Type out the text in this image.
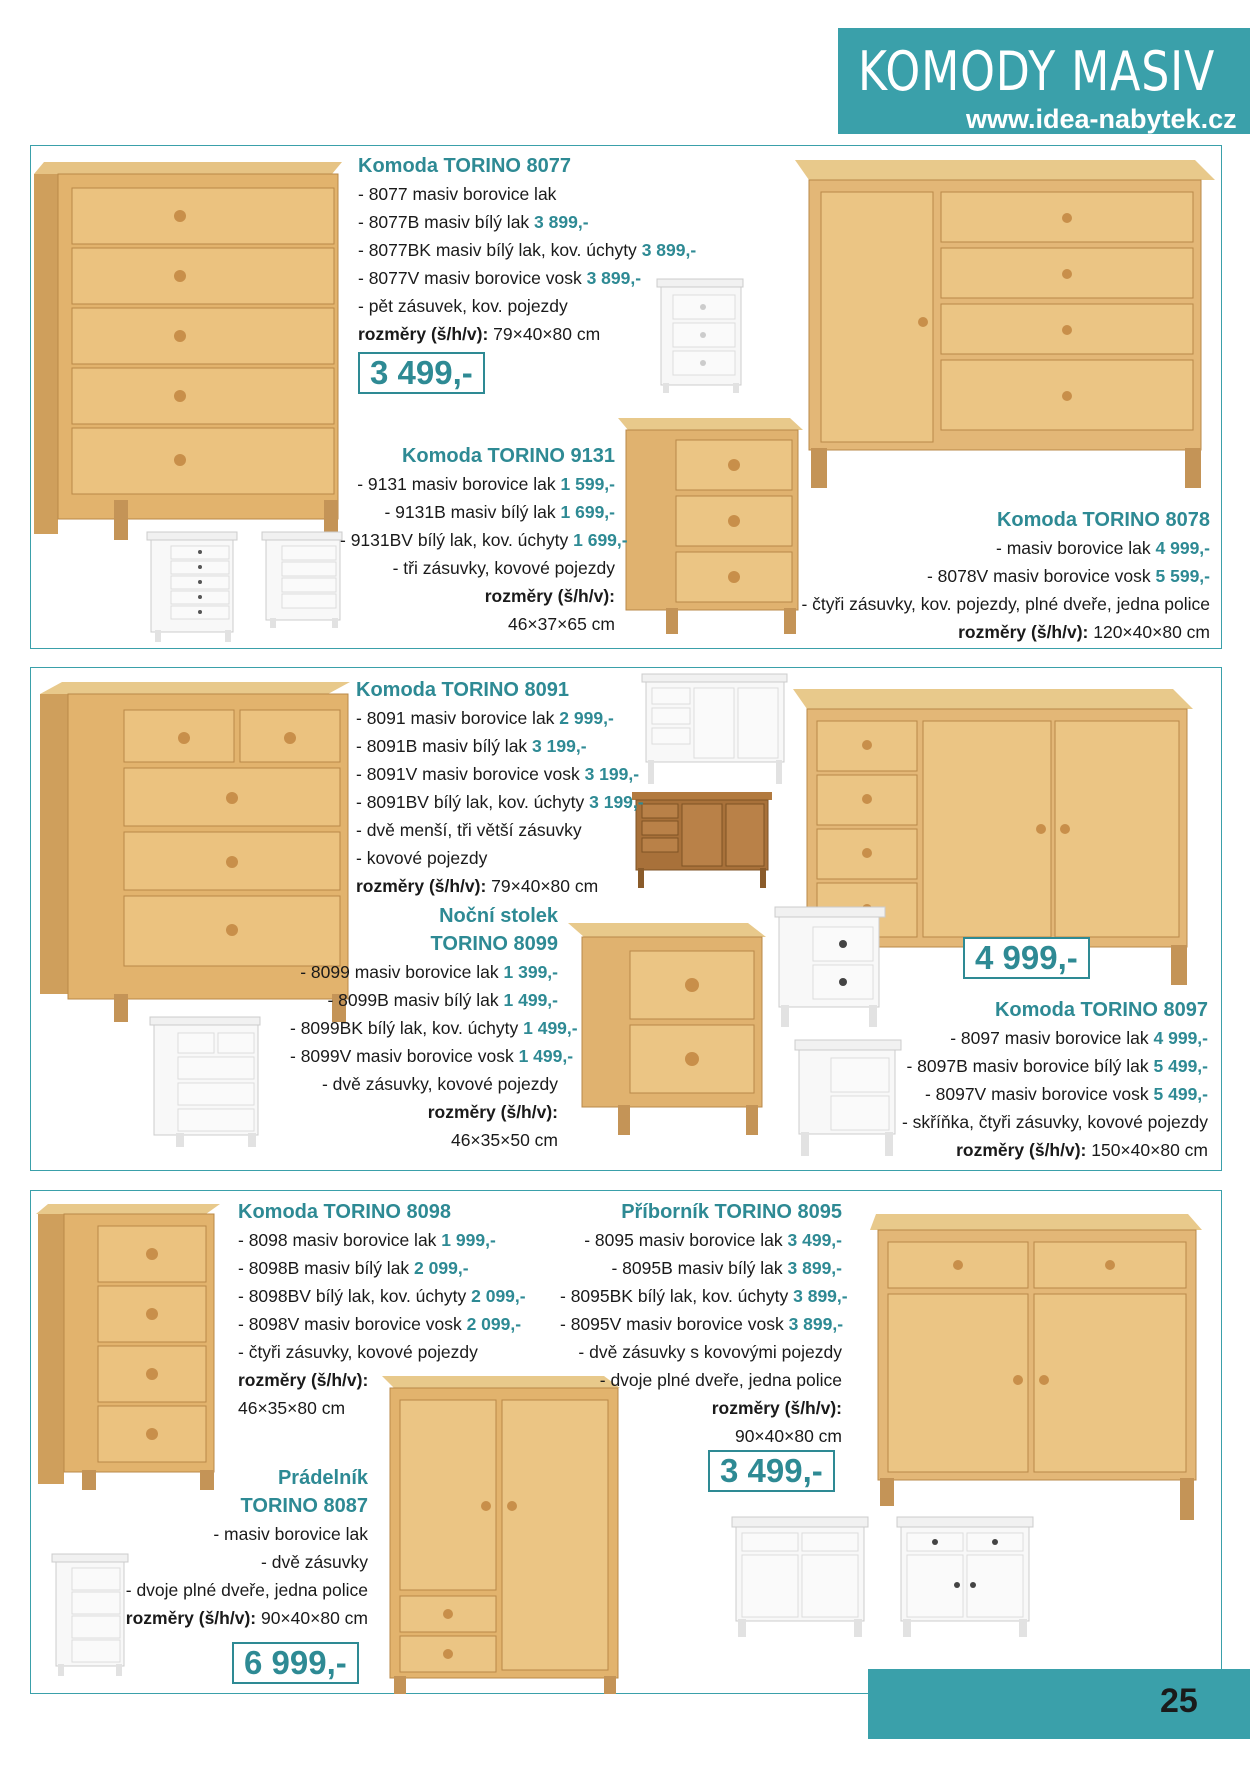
KOMODY MASIV
www.idea-nabytek.cz
Komoda TORINO 8077
- 8077 masiv borovice lak
- 8077B masiv bílý lak 3 899,-
- 8077BK masiv bílý lak, kov. úchyty 3 899,-
- 8077V masiv borovice vosk 3 899,-
- pět zásuvek, kov. pojezdy
rozměry (š/h/v): 79×40×80 cm
3 499,-
Komoda TORINO 9131
- 9131 masiv borovice lak 1 599,-
- 9131B masiv bílý lak 1 699,-
- 9131BV bílý lak, kov. úchyty 1 699,-
- tři zásuvky, kovové pojezdy
rozměry (š/h/v):
46×37×65 cm
Komoda TORINO 8078
- masiv borovice lak 4 999,-
- 8078V masiv borovice vosk 5 599,-
- čtyři zásuvky, kov. pojezdy, plné dveře, jedna police
rozměry (š/h/v): 120×40×80 cm
Komoda TORINO 8091
- 8091 masiv borovice lak 2 999,-
- 8091B masiv bílý lak 3 199,-
- 8091V masiv borovice vosk 3 199,-
- 8091BV bílý lak, kov. úchyty 3 199,-
- dvě menší, tři větší zásuvky
- kovové pojezdy
rozměry (š/h/v): 79×40×80 cm
Noční stolek
TORINO 8099
- 8099 masiv borovice lak 1 399,-
- 8099B masiv bílý lak 1 499,-
- 8099BK bílý lak, kov. úchyty 1 499,-
- 8099V masiv borovice vosk 1 499,-
- dvě zásuvky, kovové pojezdy
rozměry (š/h/v):
46×35×50 cm
4 999,-
Komoda TORINO 8097
- 8097 masiv borovice lak 4 999,-
- 8097B masiv borovice bílý lak 5 499,-
- 8097V masiv borovice vosk 5 499,-
- skříňka, čtyři zásuvky, kovové pojezdy
rozměry (š/h/v): 150×40×80 cm
Komoda TORINO 8098
- 8098 masiv borovice lak 1 999,-
- 8098B masiv bílý lak 2 099,-
- 8098BV bílý lak, kov. úchyty 2 099,-
- 8098V masiv borovice vosk 2 099,-
- čtyři zásuvky, kovové pojezdy
rozměry (š/h/v):
46×35×80 cm
Prádelník
TORINO 8087
- masiv borovice lak
- dvě zásuvky
- dvoje plné dveře, jedna police
rozměry (š/h/v): 90×40×80 cm
6 999,-
Příborník TORINO 8095
- 8095 masiv borovice lak 3 499,-
- 8095B masiv bílý lak 3 899,-
- 8095BK bílý lak, kov. úchyty 3 899,-
- 8095V masiv borovice vosk 3 899,-
- dvě zásuvky s kovovými pojezdy
- dvoje plné dveře, jedna police
rozměry (š/h/v):
90×40×80 cm
3 499,-
25
